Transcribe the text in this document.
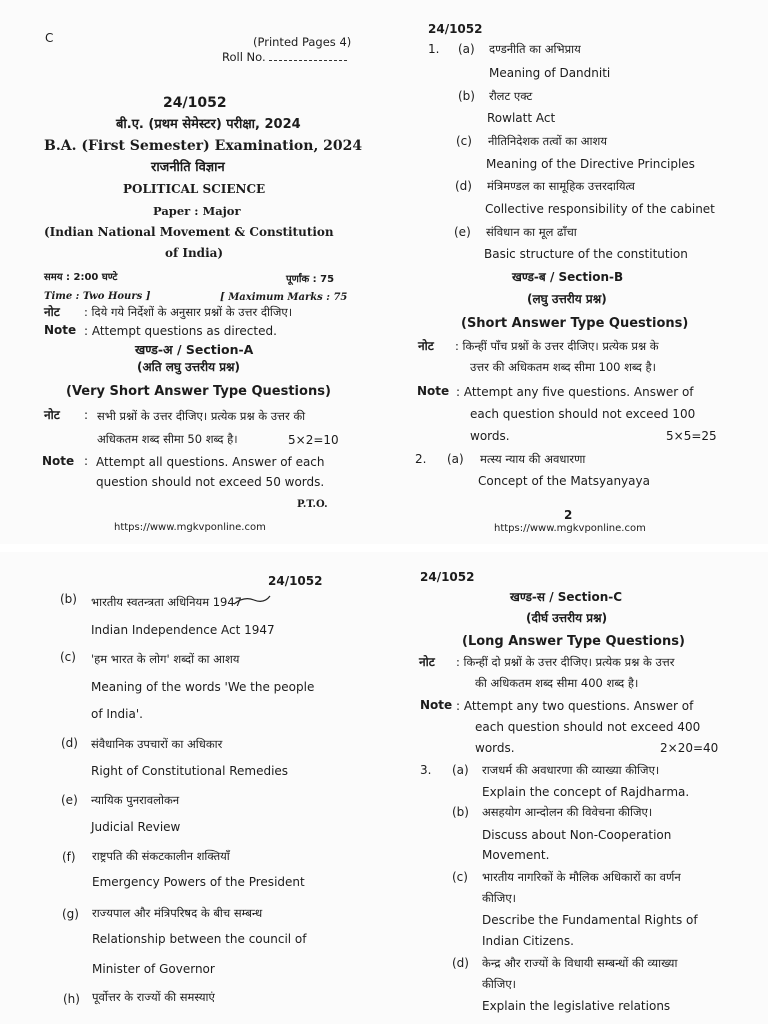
C	(Printed Pages 4)
Roll No.
24/1052
बी.ए. (प्रथम सेमेस्टर) परीक्षा, 2024
B.A. (First Semester) Examination, 2024
राजनीति विज्ञान
POLITICAL SCIENCE
Paper : Major
(Indian National Movement & Constitution
of India)
समय : 2:00 घण्टे	पूर्णांक : 75
Time : Two Hours ]	[ Maximum Marks : 75
नोट : दिये गये निर्देशों के अनुसार प्रश्नों के उत्तर दीजिए।
Note : Attempt questions as directed.
खण्ड-अ / Section-A
(अति लघु उत्तरीय प्रश्न)
(Very Short Answer Type Questions)
नोट : सभी प्रश्नों के उत्तर दीजिए। प्रत्येक प्रश्न के उत्तर की
अधिकतम शब्द सीमा 50 शब्द है।	5×2=10
Note : Attempt all questions. Answer of each
question should not exceed 50 words.
P.T.O.
https://www.mgkvponline.com
24/1052
1. (a) दण्डनीति का अभिप्राय
Meaning of Dandniti
(b) रौलट एक्ट
Rowlatt Act
(c) नीतिनिदेशक तत्वों का आशय
Meaning of the Directive Principles
(d) मंत्रिमण्डल का सामूहिक उत्तरदायित्व
Collective responsibility of the cabinet
(e) संविधान का मूल ढाँचा
Basic structure of the constitution
खण्ड-ब / Section-B
(लघु उत्तरीय प्रश्न)
(Short Answer Type Questions)
नोट : किन्हीं पाँच प्रश्नों के उत्तर दीजिए। प्रत्येक प्रश्न के
उत्तर की अधिकतम शब्द सीमा 100 शब्द है।
Note : Attempt any five questions. Answer of
each question should not exceed 100
words.	5×5=25
2. (a) मत्स्य न्याय की अवधारणा
Concept of the Matsyanyaya
2
https://www.mgkvponline.com
24/1052
(b) भारतीय स्वतन्त्रता अधिनियम 1947
Indian Independence Act 1947
(c) 'हम भारत के लोग' शब्दों का आशय
Meaning of the words 'We the people
of India'.
(d) संवैधानिक उपचारों का अधिकार
Right of Constitutional Remedies
(e) न्यायिक पुनरावलोकन
Judicial Review
(f) राष्ट्रपति की संकटकालीन शक्तियाँ
Emergency Powers of the President
(g) राज्यपाल और मंत्रिपरिषद के बीच सम्बन्ध
Relationship between the council of
Minister of Governor
(h) पूर्वोत्तर के राज्यों की समस्याएं
24/1052
खण्ड-स / Section-C
(दीर्घ उत्तरीय प्रश्न)
(Long Answer Type Questions)
नोट : किन्हीं दो प्रश्नों के उत्तर दीजिए। प्रत्येक प्रश्न के उत्तर
की अधिकतम शब्द सीमा 400 शब्द है।
Note : Attempt any two questions. Answer of
each question should not exceed 400
words.	2×20=40
3. (a) राजधर्म की अवधारणा की व्याख्या कीजिए।
Explain the concept of Rajdharma.
(b) असहयोग आन्दोलन की विवेचना कीजिए।
Discuss about Non-Cooperation
Movement.
(c) भारतीय नागरिकों के मौलिक अधिकारों का वर्णन
कीजिए।
Describe the Fundamental Rights of
Indian Citizens.
(d) केन्द्र और राज्यों के विधायी सम्बन्धों की व्याख्या
कीजिए।
Explain the legislative relations
